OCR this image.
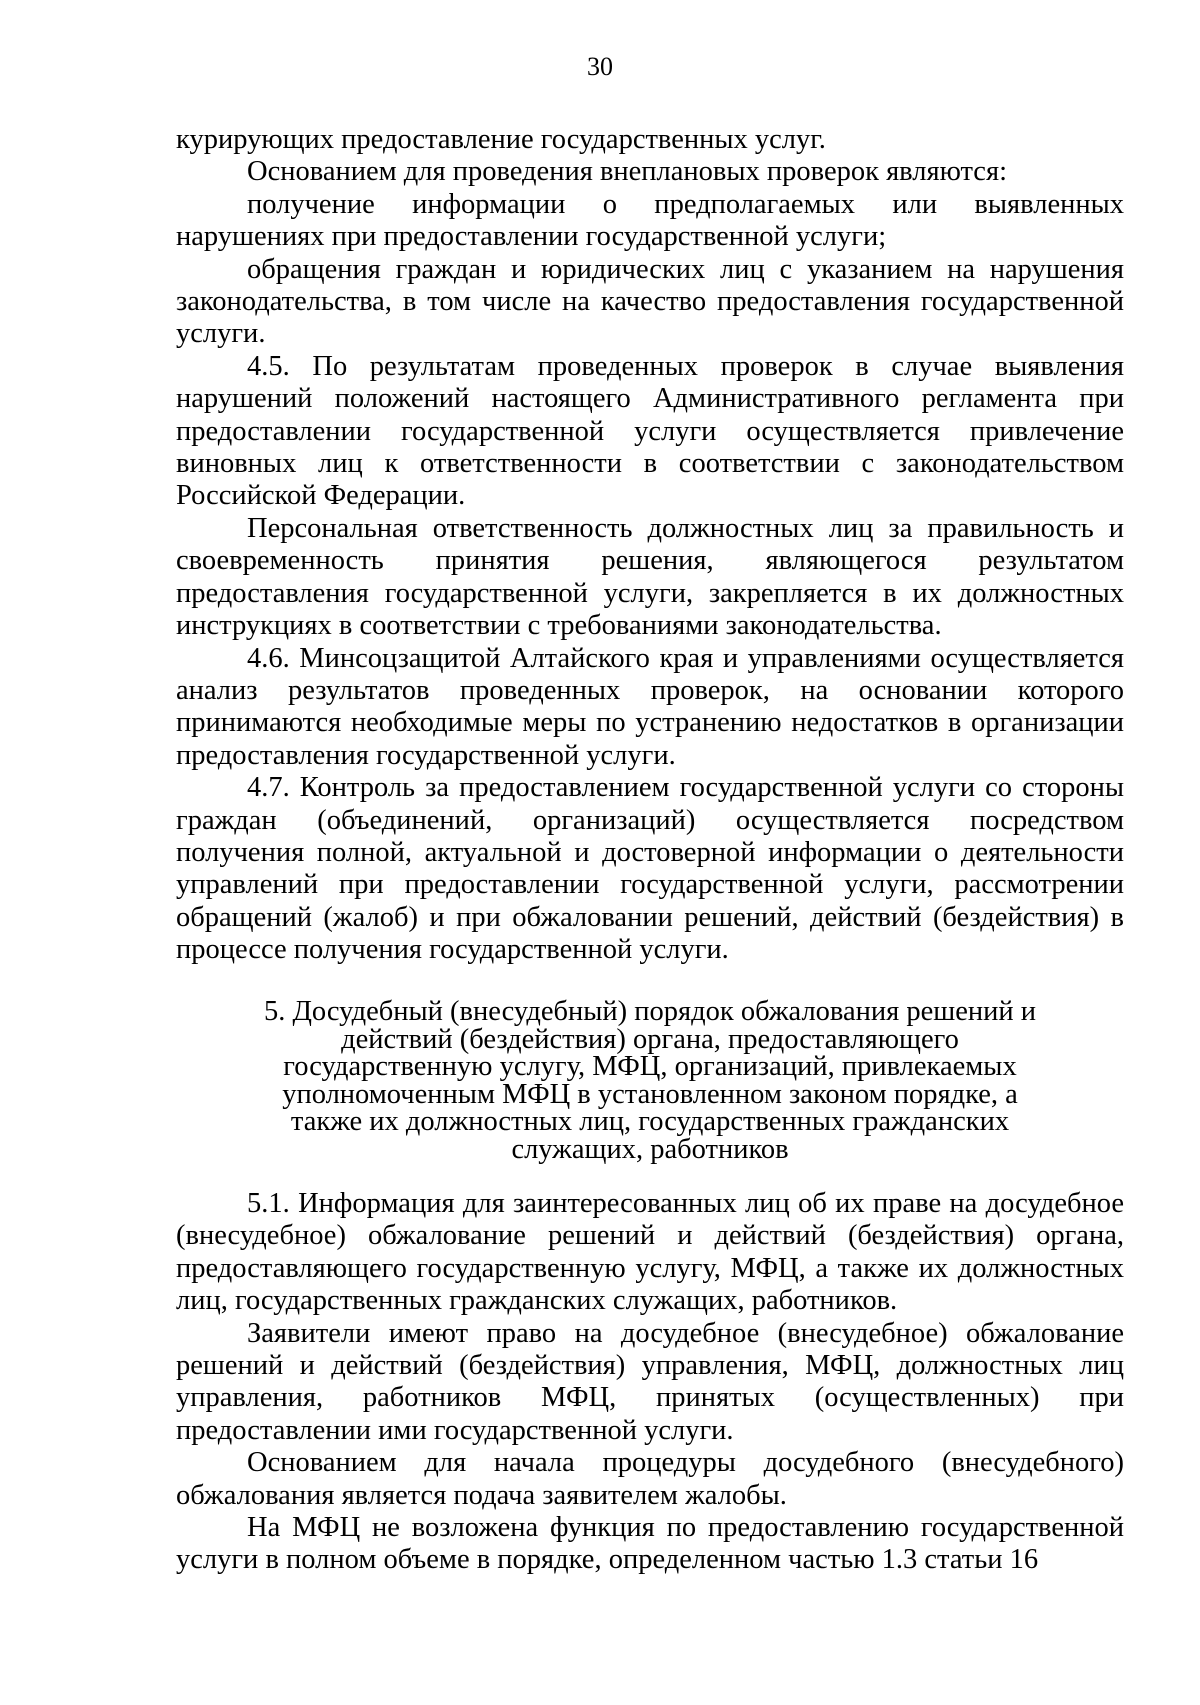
30

курирующих предоставление государственных услуг.

Основанием для проведения внеплановых проверок являются:

получение информации о предполагаемых или выявленных нарушениях при предоставлении государственной услуги;

обращения граждан и юридических лиц с указанием на нарушения законодательства, в том числе на качество предоставления государственной услуги.

4.5. По результатам проведенных проверок в случае выявления нарушений положений настоящего Административного регламента при предоставлении государственной услуги осуществляется привлечение виновных лиц к ответственности в соответствии с законодательством Российской Федерации.

Персональная ответственность должностных лиц за правильность и своевременность принятия решения, являющегося результатом предоставления государственной услуги, закрепляется в их должностных инструкциях в соответствии с требованиями законодательства.

4.6. Минсоцзащитой Алтайского края и управлениями осуществляется анализ результатов проведенных проверок, на основании которого принимаются необходимые меры по устранению недостатков в организации предоставления государственной услуги.

4.7. Контроль за предоставлением государственной услуги со стороны граждан (объединений, организаций) осуществляется посредством получения полной, актуальной и достоверной информации о деятельности управлений при предоставлении государственной услуги, рассмотрении обращений (жалоб) и при обжаловании решений, действий (бездействия) в процессе получения государственной услуги.

5. Досудебный (внесудебный) порядок обжалования решений и
действий (бездействия) органа, предоставляющего
государственную услугу, МФЦ, организаций, привлекаемых
уполномоченным МФЦ в установленном законом порядке, а
также их должностных лиц, государственных гражданских
служащих, работников

5.1. Информация для заинтересованных лиц об их праве на досудебное (внесудебное) обжалование решений и действий (бездействия) органа, предоставляющего государственную услугу, МФЦ, а также их должностных лиц, государственных гражданских служащих, работников.

Заявители имеют право на досудебное (внесудебное) обжалование решений и действий (бездействия) управления, МФЦ, должностных лиц управления, работников МФЦ, принятых (осуществленных) при предоставлении ими государственной услуги.

Основанием для начала процедуры досудебного (внесудебного) обжалования является подача заявителем жалобы.

На МФЦ не возложена функция по предоставлению государственной услуги в полном объеме в порядке, определенном частью 1.3 статьи 16
